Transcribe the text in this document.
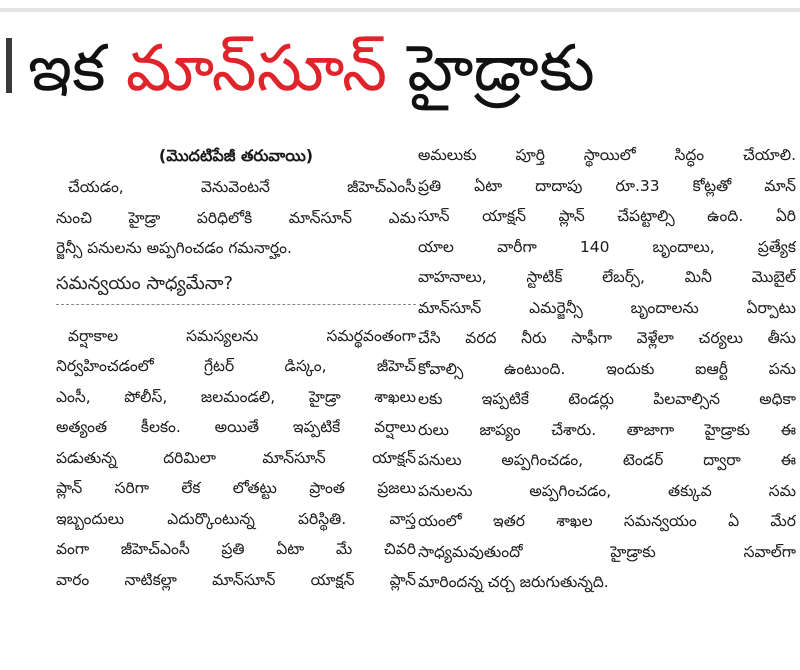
ఇక మాన్‌సూన్‌ హైడ్రాకు
(మొదటిపేజీ తరువాయి)
చేయడం, వెనువెంటనే జీహెచ్‌ఎంసీ
నుంచి హైడ్రా పరిధిలోకి మాన్‌సూన్‌ ఎమ
ర్జెన్సీ పనులను అప్పగించడం గమనార్హం.
సమన్వయం సాధ్యమేనా?
వర్షాకాల సమస్యలను సమర్థవంతంగా
నిర్వహించడంలో గ్రేటర్‌ డిస్కం, జీహెచ్‌
ఎంసీ, పోలీస్‌, జలమండలి, హైడ్రా శాఖలు
అత్యంత కీలకం. అయితే ఇప్పటికే వర్షాలు
పడుతున్న దరిమిలా మాన్‌సూన్‌ యాక్షన్‌
ప్లాన్‌ సరిగా లేక లోతట్టు ప్రాంత ప్రజలు
ఇబ్బందులు ఎదుర్కొంటున్న పరిస్థితి. వాస్త
వంగా జీహెచ్‌ఎంసీ ప్రతి ఏటా మే చివరి
వారం నాటికల్లా మాన్‌సూన్‌ యాక్షన్‌ ప్లాన్‌
అమలుకు పూర్తి స్థాయిలో సిద్ధం చేయాలి.
ప్రతి ఏటా దాదాపు రూ.33 కోట్లతో మాన్‌
సూన్‌ యాక్షన్‌ ప్లాన్‌ చేపట్టాల్సి ఉంది. ఏరి
యాల వారీగా 140 బృందాలు, ప్రత్యేక
వాహనాలు, స్టాటిక్‌ లేబర్స్‌, మినీ మొబైల్‌
మాన్‌సూన్‌ ఎమర్జెన్సీ బృందాలను ఏర్పాటు
చేసి వరద నీరు సాఫీగా వెళ్లేలా చర్యలు తీసు
కోవాల్సి ఉంటుంది. ఇందుకు ఐఆర్టీ పను
లకు ఇప్పటికే టెండర్లు పిలవాల్సిన అధికా
రులు జాప్యం చేశారు. తాజాగా హైడ్రాకు ఈ
పనులు అప్పగించడం, టెండర్‌ ద్వారా ఈ
పనులను అప్పగించడం, తక్కువ సమ
యంలో ఇతర శాఖల సమన్వయం ఏ మేర
సాధ్యమవుతుందో హైడ్రాకు సవాల్‌గా
మారిందన్న చర్చ జరుగుతున్నది.
